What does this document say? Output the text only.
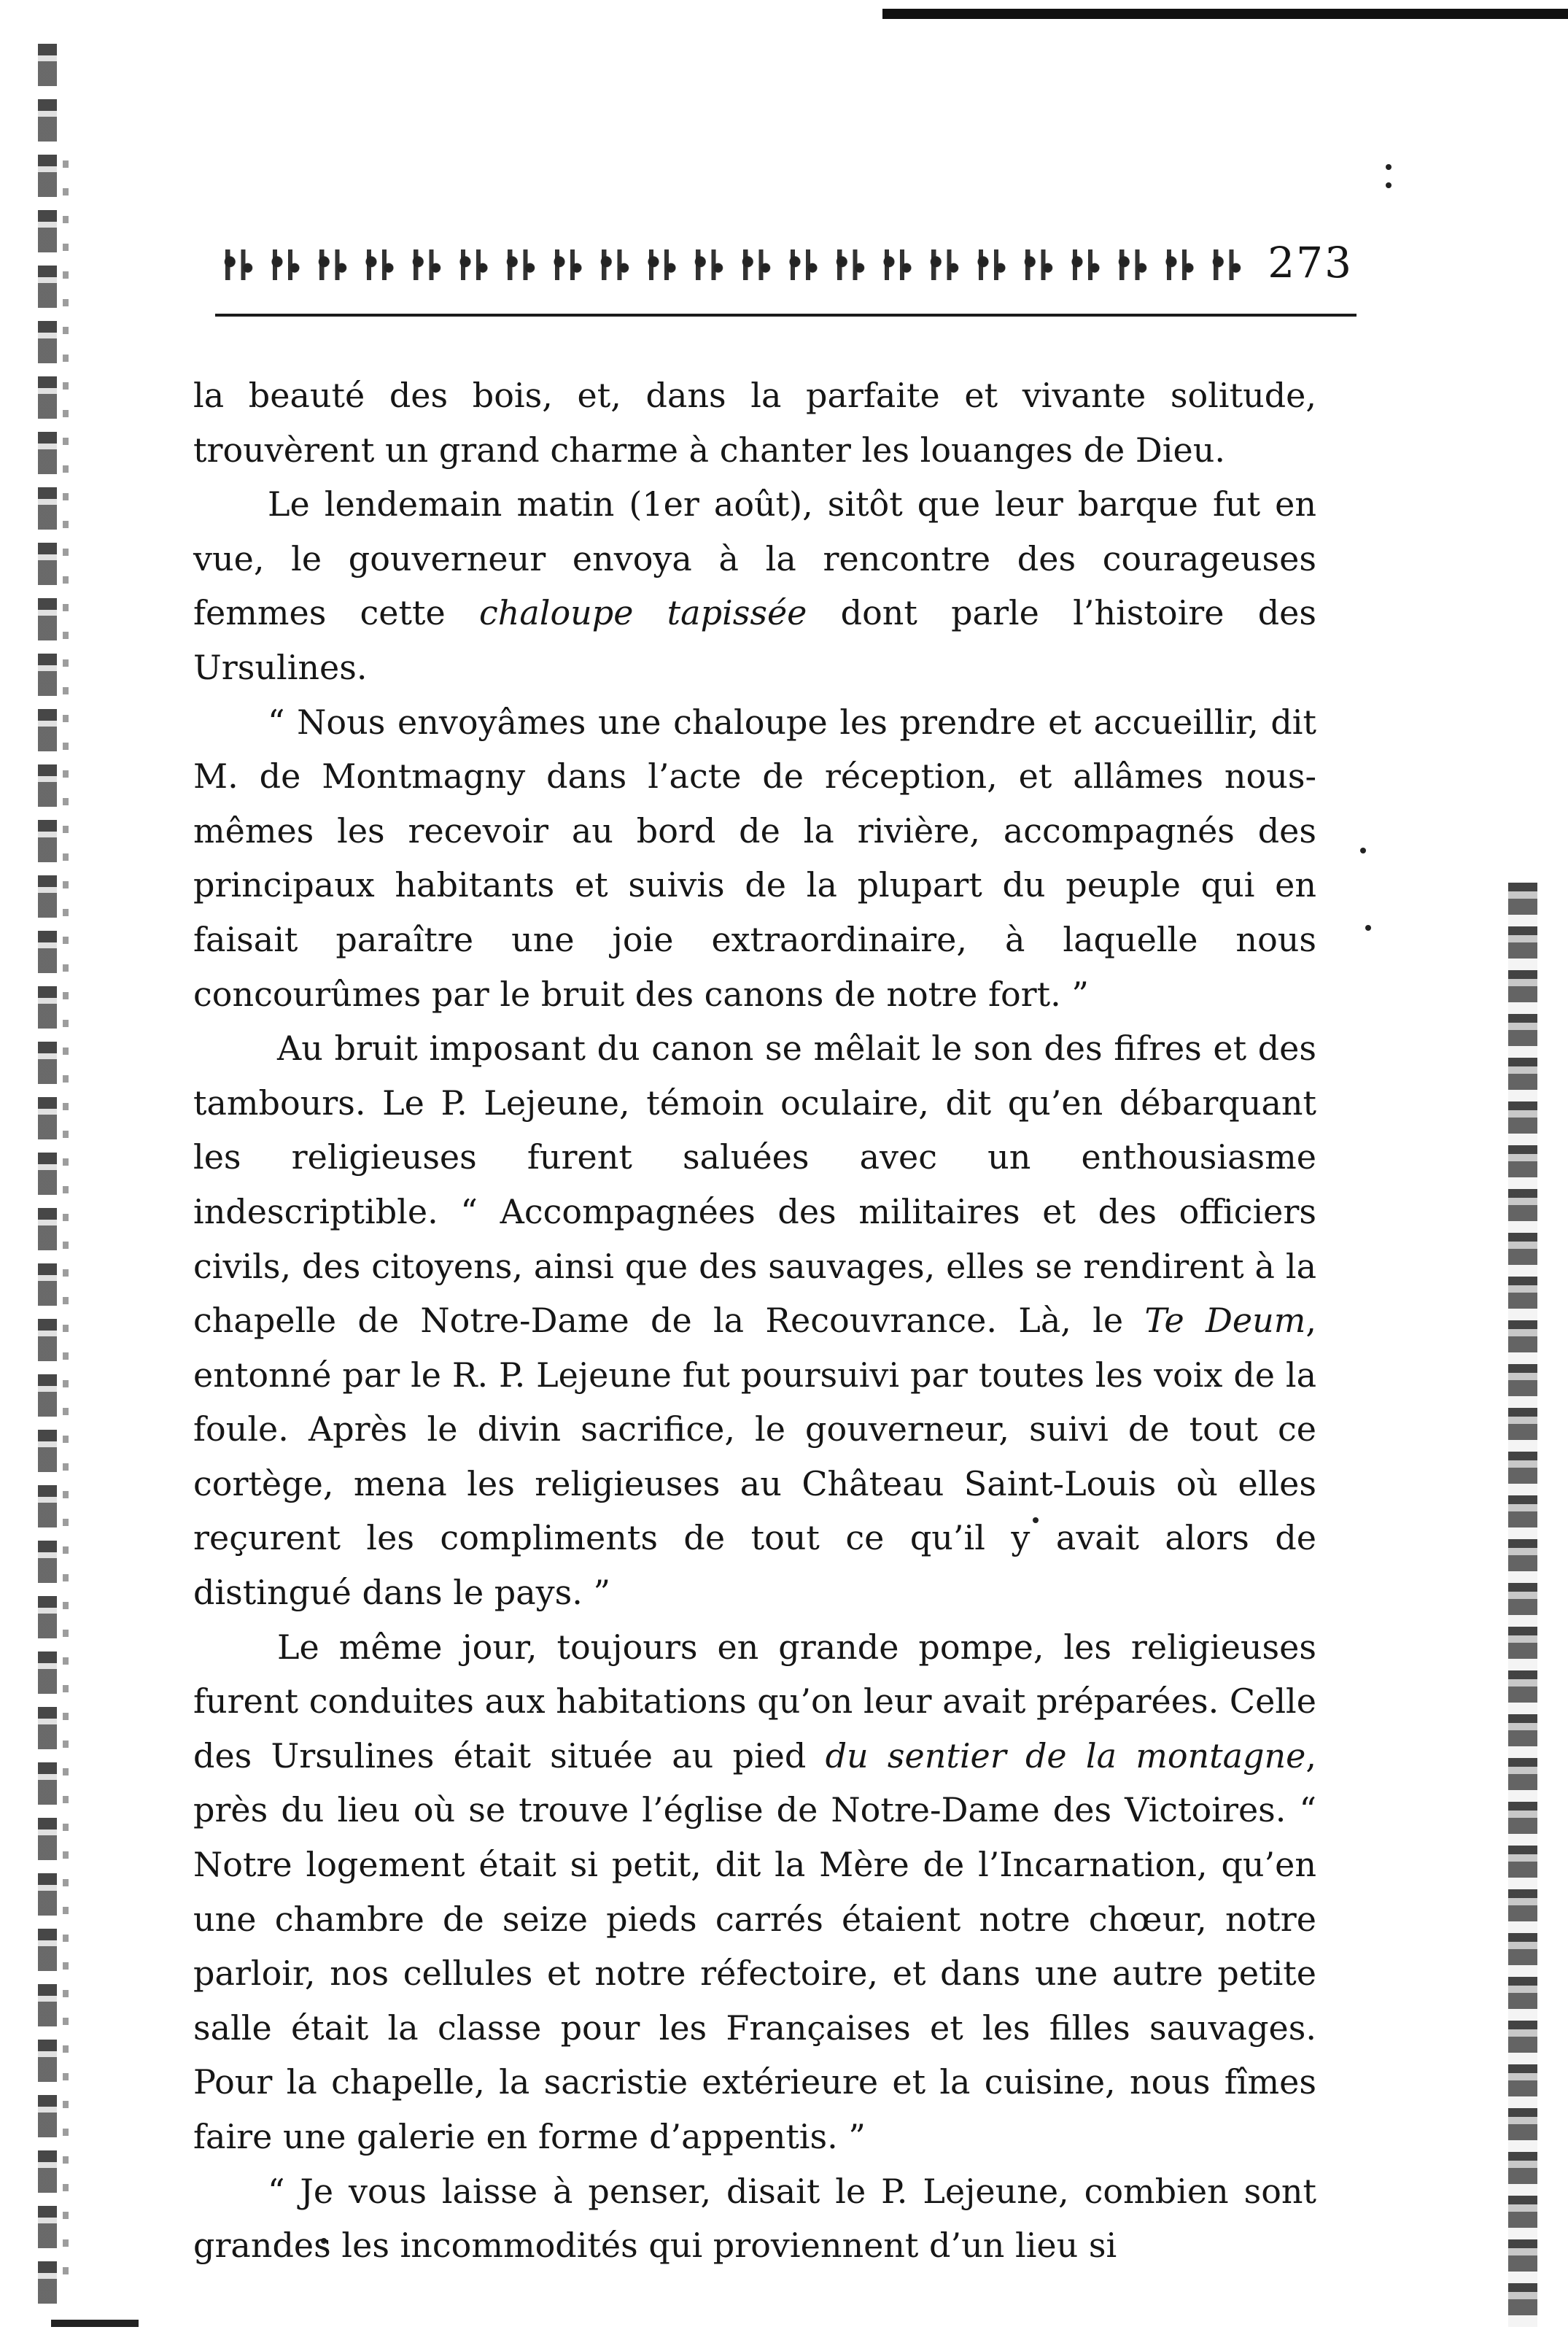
273

la beauté des bois, et, dans la parfaite et vivante solitude, trouvèrent un grand charme à chanter les louanges de Dieu.

Le lendemain matin (1er août), sitôt que leur barque fut en vue, le gouverneur envoya à la rencontre des courageuses femmes cette chaloupe tapissée dont parle l’histoire des Ursulines.

“ Nous envoyâmes une chaloupe les prendre et accueillir, dit M. de Montmagny dans l’acte de réception, et allâmes nous-mêmes les recevoir au bord de la rivière, accompagnés des principaux habitants et suivis de la plupart du peuple qui en faisait paraître une joie extraordinaire, à laquelle nous concourûmes par le bruit des canons de notre fort. ”

Au bruit imposant du canon se mêlait le son des fifres et des tambours. Le P. Lejeune, témoin oculaire, dit qu’en débarquant les religieuses furent saluées avec un enthousiasme indescriptible. “ Accompagnées des militaires et des officiers civils, des citoyens, ainsi que des sauvages, elles se rendirent à la chapelle de Notre-Dame de la Recouvrance. Là, le Te Deum, entonné par le R. P. Lejeune fut poursuivi par toutes les voix de la foule. Après le divin sacrifice, le gouverneur, suivi de tout ce cortège, mena les religieuses au Château Saint-Louis où elles reçurent les compliments de tout ce qu’il y avait alors de distingué dans le pays. ”

Le même jour, toujours en grande pompe, les religieuses furent conduites aux habitations qu’on leur avait préparées. Celle des Ursulines était située au pied du sentier de la montagne, près du lieu où se trouve l’église de Notre-Dame des Victoires. “ Notre logement était si petit, dit la Mère de l’Incarnation, qu’en une chambre de seize pieds carrés étaient notre chœur, notre parloir, nos cellules et notre réfectoire, et dans une autre petite salle était la classe pour les Françaises et les filles sauvages. Pour la chapelle, la sacristie extérieure et la cuisine, nous fîmes faire une galerie en forme d’appentis. ”

“ Je vous laisse à penser, disait le P. Lejeune, combien sont grandes les incommodités qui proviennent d’un lieu si
